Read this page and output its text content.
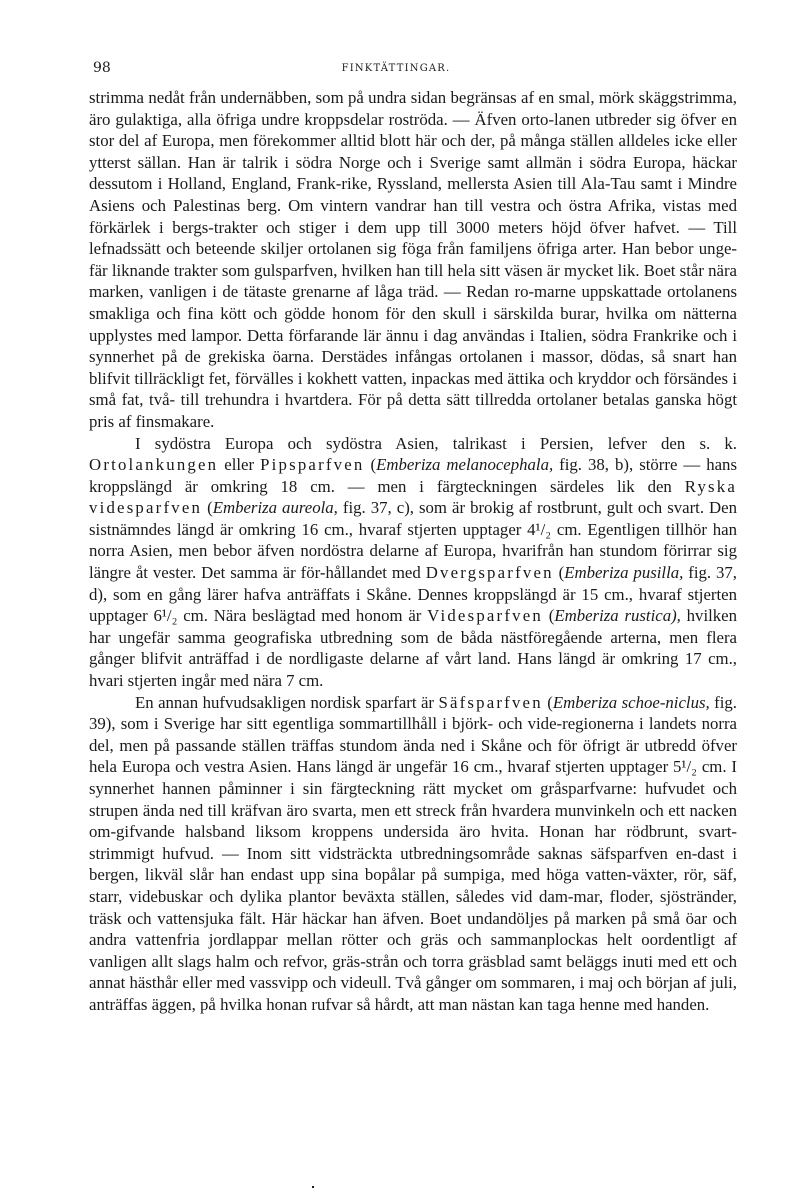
98	FINKTÄTTINGAR.

strimma nedåt från undernäbben, som på undra sidan begränsas af en smal, mörk skäggstrimma, äro gulaktiga, alla öfriga undre kroppsdelar roströda. — Äfven orto-lanen utbreder sig öfver en stor del af Europa, men förekommer alltid blott här och der, på många ställen alldeles icke eller ytterst sällan. Han är talrik i södra Norge och i Sverige samt allmän i södra Europa, häckar dessutom i Holland, England, Frank-rike, Ryssland, mellersta Asien till Ala-Tau samt i Mindre Asiens och Palestinas berg. Om vintern vandrar han till vestra och östra Afrika, vistas med förkärlek i bergs-trakter och stiger i dem upp till 3000 meters höjd öfver hafvet. — Till lefnadssätt och beteende skiljer ortolanen sig föga från familjens öfriga arter. Han bebor unge-fär liknande trakter som gulsparfven, hvilken han till hela sitt väsen är mycket lik. Boet står nära marken, vanligen i de tätaste grenarne af låga träd. — Redan ro-marne uppskattade ortolanens smakliga och fina kött och gödde honom för den skull i särskilda burar, hvilka om nätterna upplystes med lampor. Detta förfarande lär ännu i dag användas i Italien, södra Frankrike och i synnerhet på de grekiska öarna. Derstädes infångas ortolanen i massor, dödas, så snart han blifvit tillräckligt fet, förvälles i kokhett vatten, inpackas med ättika och kryddor och försändes i små fat, två- till trehundra i hvartdera. För på detta sätt tillredda ortolaner betalas ganska högt pris af finsmakare.

I sydöstra Europa och sydöstra Asien, talrikast i Persien, lefver den s. k. Ortolankungen eller Pipsparfven (Emberiza melanocephala, fig. 38, b), större — hans kroppslängd är omkring 18 cm. — men i färgteckningen särdeles lik den Ryska videsparfven (Emberiza aureola, fig. 37, c), som är brokig af rostbrunt, gult och svart. Den sistnämndes längd är omkring 16 cm., hvaraf stjerten upptager 4¹/₂ cm. Egentligen tillhör han norra Asien, men bebor äfven nordöstra delarne af Europa, hvarifrån han stundom förirrar sig längre åt vester. Det samma är för-hållandet med Dvergsparfven (Emberiza pusilla, fig. 37, d), som en gång lärer hafva anträffats i Skåne. Dennes kroppslängd är 15 cm., hvaraf stjerten upptager 6¹/₂ cm. Nära beslägtad med honom är Videsparfven (Emberiza rustica), hvilken har ungefär samma geografiska utbredning som de båda nästföregående arterna, men flera gånger blifvit anträffad i de nordligaste delarne af vårt land. Hans längd är omkring 17 cm., hvari stjerten ingår med nära 7 cm.

En annan hufvudsakligen nordisk sparfart är Säfsparfven (Emberiza schoe-niclus, fig. 39), som i Sverige har sitt egentliga sommartillhåll i björk- och vide-regionerna i landets norra del, men på passande ställen träffas stundom ända ned i Skåne och för öfrigt är utbredd öfver hela Europa och vestra Asien. Hans längd är ungefär 16 cm., hvaraf stjerten upptager 5¹/₂ cm. I synnerhet hannen påminner i sin färgteckning rätt mycket om gråsparfvarne: hufvudet och strupen ända ned till kräfvan äro svarta, men ett streck från hvardera munvinkeln och ett nacken om-gifvande halsband liksom kroppens undersida äro hvita. Honan har rödbrunt, svart-strimmigt hufvud. — Inom sitt vidsträckta utbredningsområde saknas säfsparfven en-dast i bergen, likväl slår han endast upp sina bopålar på sumpiga, med höga vatten-växter, rör, säf, starr, videbuskar och dylika plantor beväxta ställen, således vid dam-mar, floder, sjöstränder, träsk och vattensjuka fält. Här häckar han äfven. Boet undandöljes på marken på små öar och andra vattenfria jordlappar mellan rötter och gräs och sammanplockas helt oordentligt af vanligen allt slags halm och refvor, gräs-strån och torra gräsblad samt beläggs inuti med ett och annat hästhår eller med vassvipp och videull. Två gånger om sommaren, i maj och början af juli, anträffas äggen, på hvilka honan rufvar så hårdt, att man nästan kan taga henne med handen.
